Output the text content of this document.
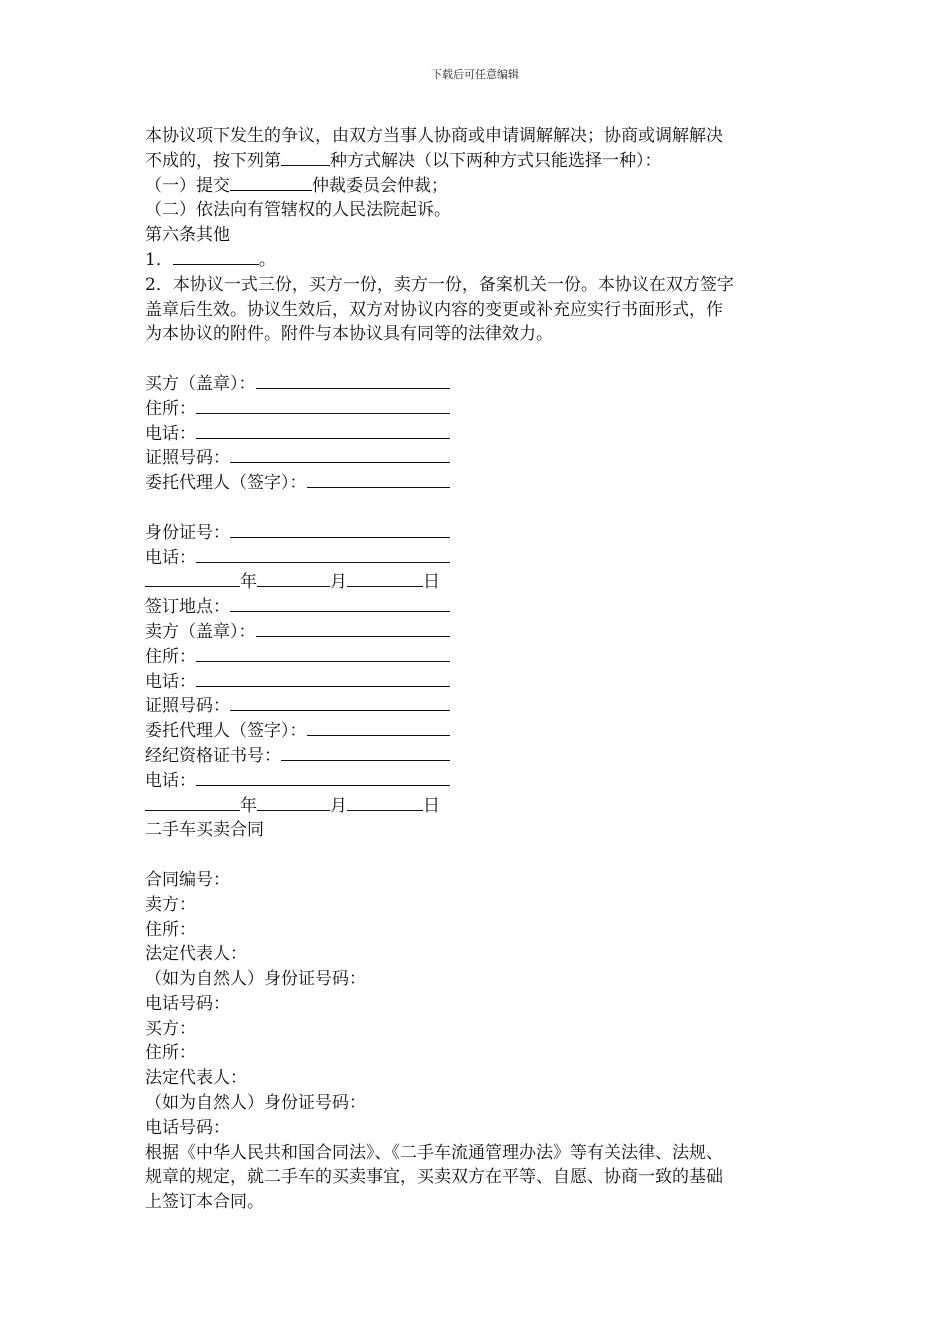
下载后可任意编辑
本协议项下发生的争议，由双方当事人协商或申请调解解决；协商或调解解决
不成的，按下列第	种方式解决（以下两种方式只能选择一种）：
（一）提交	仲裁委员会仲裁；
（二）依法向有管辖权的人民法院起诉。
第六条其他
1．	。
2．本协议一式三份，买方一份，卖方一份，备案机关一份。本协议在双方签字
盖章后生效。协议生效后，双方对协议内容的变更或补充应实行书面形式，作
为本协议的附件。附件与本协议具有同等的法律效力。
买方（盖章）：
住所：
电话：
证照号码：
委托代理人（签字）：
身份证号：
电话：
年	月	日
签订地点：
卖方（盖章）：
住所：
电话：
证照号码：
委托代理人（签字）：
经纪资格证书号：
电话：
年	月	日
二手车买卖合同
合同编号：
卖方：
住所：
法定代表人：
（如为自然人）身份证号码：
电话号码：
买方：
住所：
法定代表人：
（如为自然人）身份证号码：
电话号码：
根据《中华人民共和国合同法》、《二手车流通管理办法》等有关法律、法规、
规章的规定，就二手车的买卖事宜，买卖双方在平等、自愿、协商一致的基础
上签订本合同。
